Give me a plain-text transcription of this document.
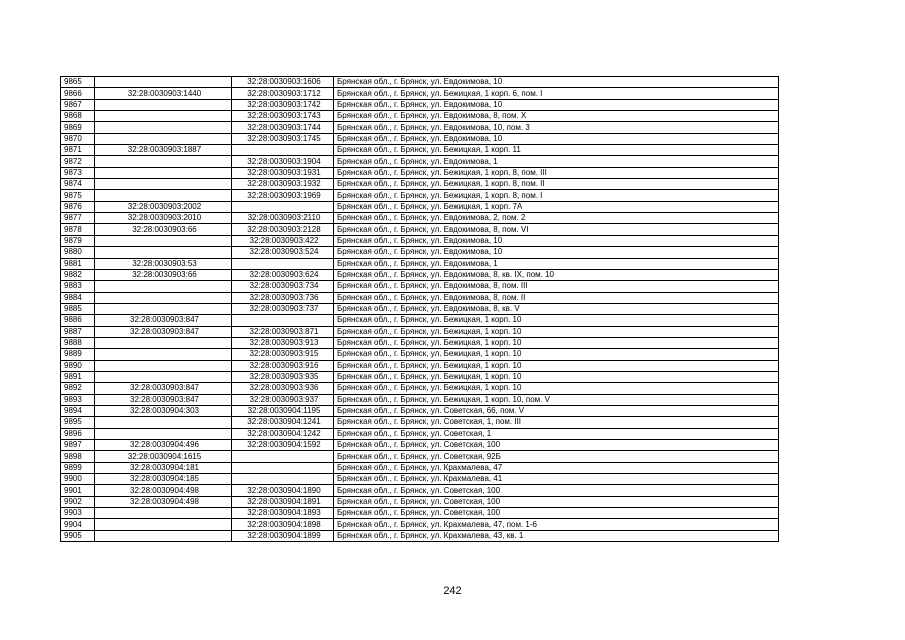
9865		32:28:0030903:1606	Брянская обл., г. Брянск, ул. Евдокимова, 10
9866	32:28:0030903:1440	32:28:0030903:1712	Брянская обл., г. Брянск, ул. Бежицкая, 1 корп. 6, пом. I
9867		32:28:0030903:1742	Брянская обл., г. Брянск, ул. Евдокимова, 10
9868		32:28:0030903:1743	Брянская обл., г. Брянск, ул. Евдокимова, 8, пом. X
9869		32:28:0030903:1744	Брянская обл., г. Брянск, ул. Евдокимова, 10, пом. 3
9870		32:28:0030903:1745	Брянская обл., г. Брянск, ул. Евдокимова, 10
9871	32:28:0030903:1887		Брянская обл., г. Брянск, ул. Бежицкая, 1 корп. 11
9872		32:28:0030903:1904	Брянская обл., г. Брянск, ул. Евдокимова, 1
9873		32:28:0030903:1931	Брянская обл., г. Брянск, ул. Бежицкая, 1 корп. 8, пом. III
9874		32:28:0030903:1932	Брянская обл., г. Брянск, ул. Бежицкая, 1 корп. 8, пом. II
9875		32:28:0030903:1969	Брянская обл., г. Брянск, ул. Бежицкая, 1 корп. 8, пом. I
9876	32:28:0030903:2002		Брянская обл., г. Брянск, ул. Бежицкая, 1 корп. 7А
9877	32:28:0030903:2010	32:28:0030903:2110	Брянская обл., г. Брянск, ул. Евдокимова, 2, пом. 2
9878	32:28:0030903:66	32:28:0030903:2128	Брянская обл., г. Брянск, ул. Евдокимова, 8, пом. VI
9879		32:28:0030903:422	Брянская обл., г. Брянск, ул. Евдокимова, 10
9880		32:28:0030903:524	Брянская обл., г. Брянск, ул. Евдокимова, 10
9881	32:28:0030903:53		Брянская обл., г. Брянск, ул. Евдокимова, 1
9882	32:28:0030903:66	32:28:0030903:624	Брянская обл., г. Брянск, ул. Евдокимова, 8, кв. IX, пом. 10
9883		32:28:0030903:734	Брянская обл., г. Брянск, ул. Евдокимова, 8, пом. III
9884		32:28:0030903:736	Брянская обл., г. Брянск, ул. Евдокимова, 8, пом. II
9885		32:28:0030903:737	Брянская обл., г. Брянск, ул. Евдокимова, 8, кв. V
9886	32:28:0030903:847		Брянская обл., г. Брянск, ул. Бежицкая, 1 корп. 10
9887	32:28:0030903:847	32:28:0030903:871	Брянская обл., г. Брянск, ул. Бежицкая, 1 корп. 10
9888		32:28:0030903:913	Брянская обл., г. Брянск, ул. Бежицкая, 1 корп. 10
9889		32:28:0030903:915	Брянская обл., г. Брянск, ул. Бежицкая, 1 корп. 10
9890		32:28:0030903:916	Брянская обл., г. Брянск, ул. Бежицкая, 1 корп. 10
9891		32:28:0030903:935	Брянская обл., г. Брянск, ул. Бежицкая, 1 корп. 10
9892	32:28:0030903:847	32:28:0030903:936	Брянская обл., г. Брянск, ул. Бежицкая, 1 корп. 10
9893	32:28:0030903:847	32:28:0030903:937	Брянская обл., г. Брянск, ул. Бежицкая, 1 корп. 10, пом. V
9894	32:28:0030904:303	32:28:0030904:1195	Брянская обл., г. Брянск, ул. Советская, 66, пом. V
9895		32:28:0030904:1241	Брянская обл., г. Брянск, ул. Советская, 1, пом. III
9896		32:28:0030904:1242	Брянская обл., г. Брянск, ул. Советская, 1
9897	32:28:0030904:496	32:28:0030904:1592	Брянская обл., г. Брянск, ул. Советская, 100
9898	32:28:0030904:1615		Брянская обл., г. Брянск, ул. Советская, 92Б
9899	32:28:0030904:181		Брянская обл., г. Брянск, ул. Крахмалева, 47
9900	32:28:0030904:185		Брянская обл., г. Брянск, ул. Крахмалева, 41
9901	32:28:0030904:498	32:28:0030904:1890	Брянская обл., г. Брянск, ул. Советская, 100
9902	32:28:0030904:498	32:28:0030904:1891	Брянская обл., г. Брянск, ул. Советская, 100
9903		32:28:0030904:1893	Брянская обл., г. Брянск, ул. Советская, 100
9904		32:28:0030904:1898	Брянская обл., г. Брянск, ул. Крахмалева, 47, пом. 1-6
9905		32:28:0030904:1899	Брянская обл., г. Брянск, ул. Крахмалева, 43, кв. 1
242
